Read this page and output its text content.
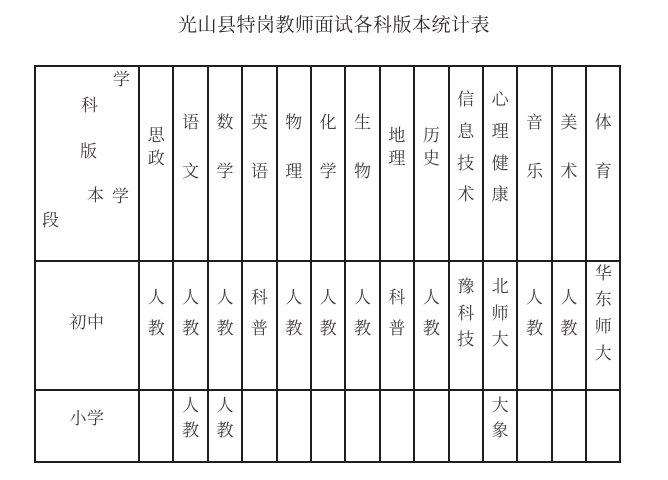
光山县特岗教师面试各科版本统计表
学
科
版
本 学
段
思
政
语
文
数
学
英
语
物
理
化
学
生
物
地
理
历
史
信
息
技
术
心
理
健
康
音
乐
美
术
体
育
初中
人
教
人
教
人
教
科
普
人
教
人
教
人
教
科
普
人
教
豫
科
技
北
师
大
人
教
人
教
华
东
师
大
小学
人
教
人
教
大
象
